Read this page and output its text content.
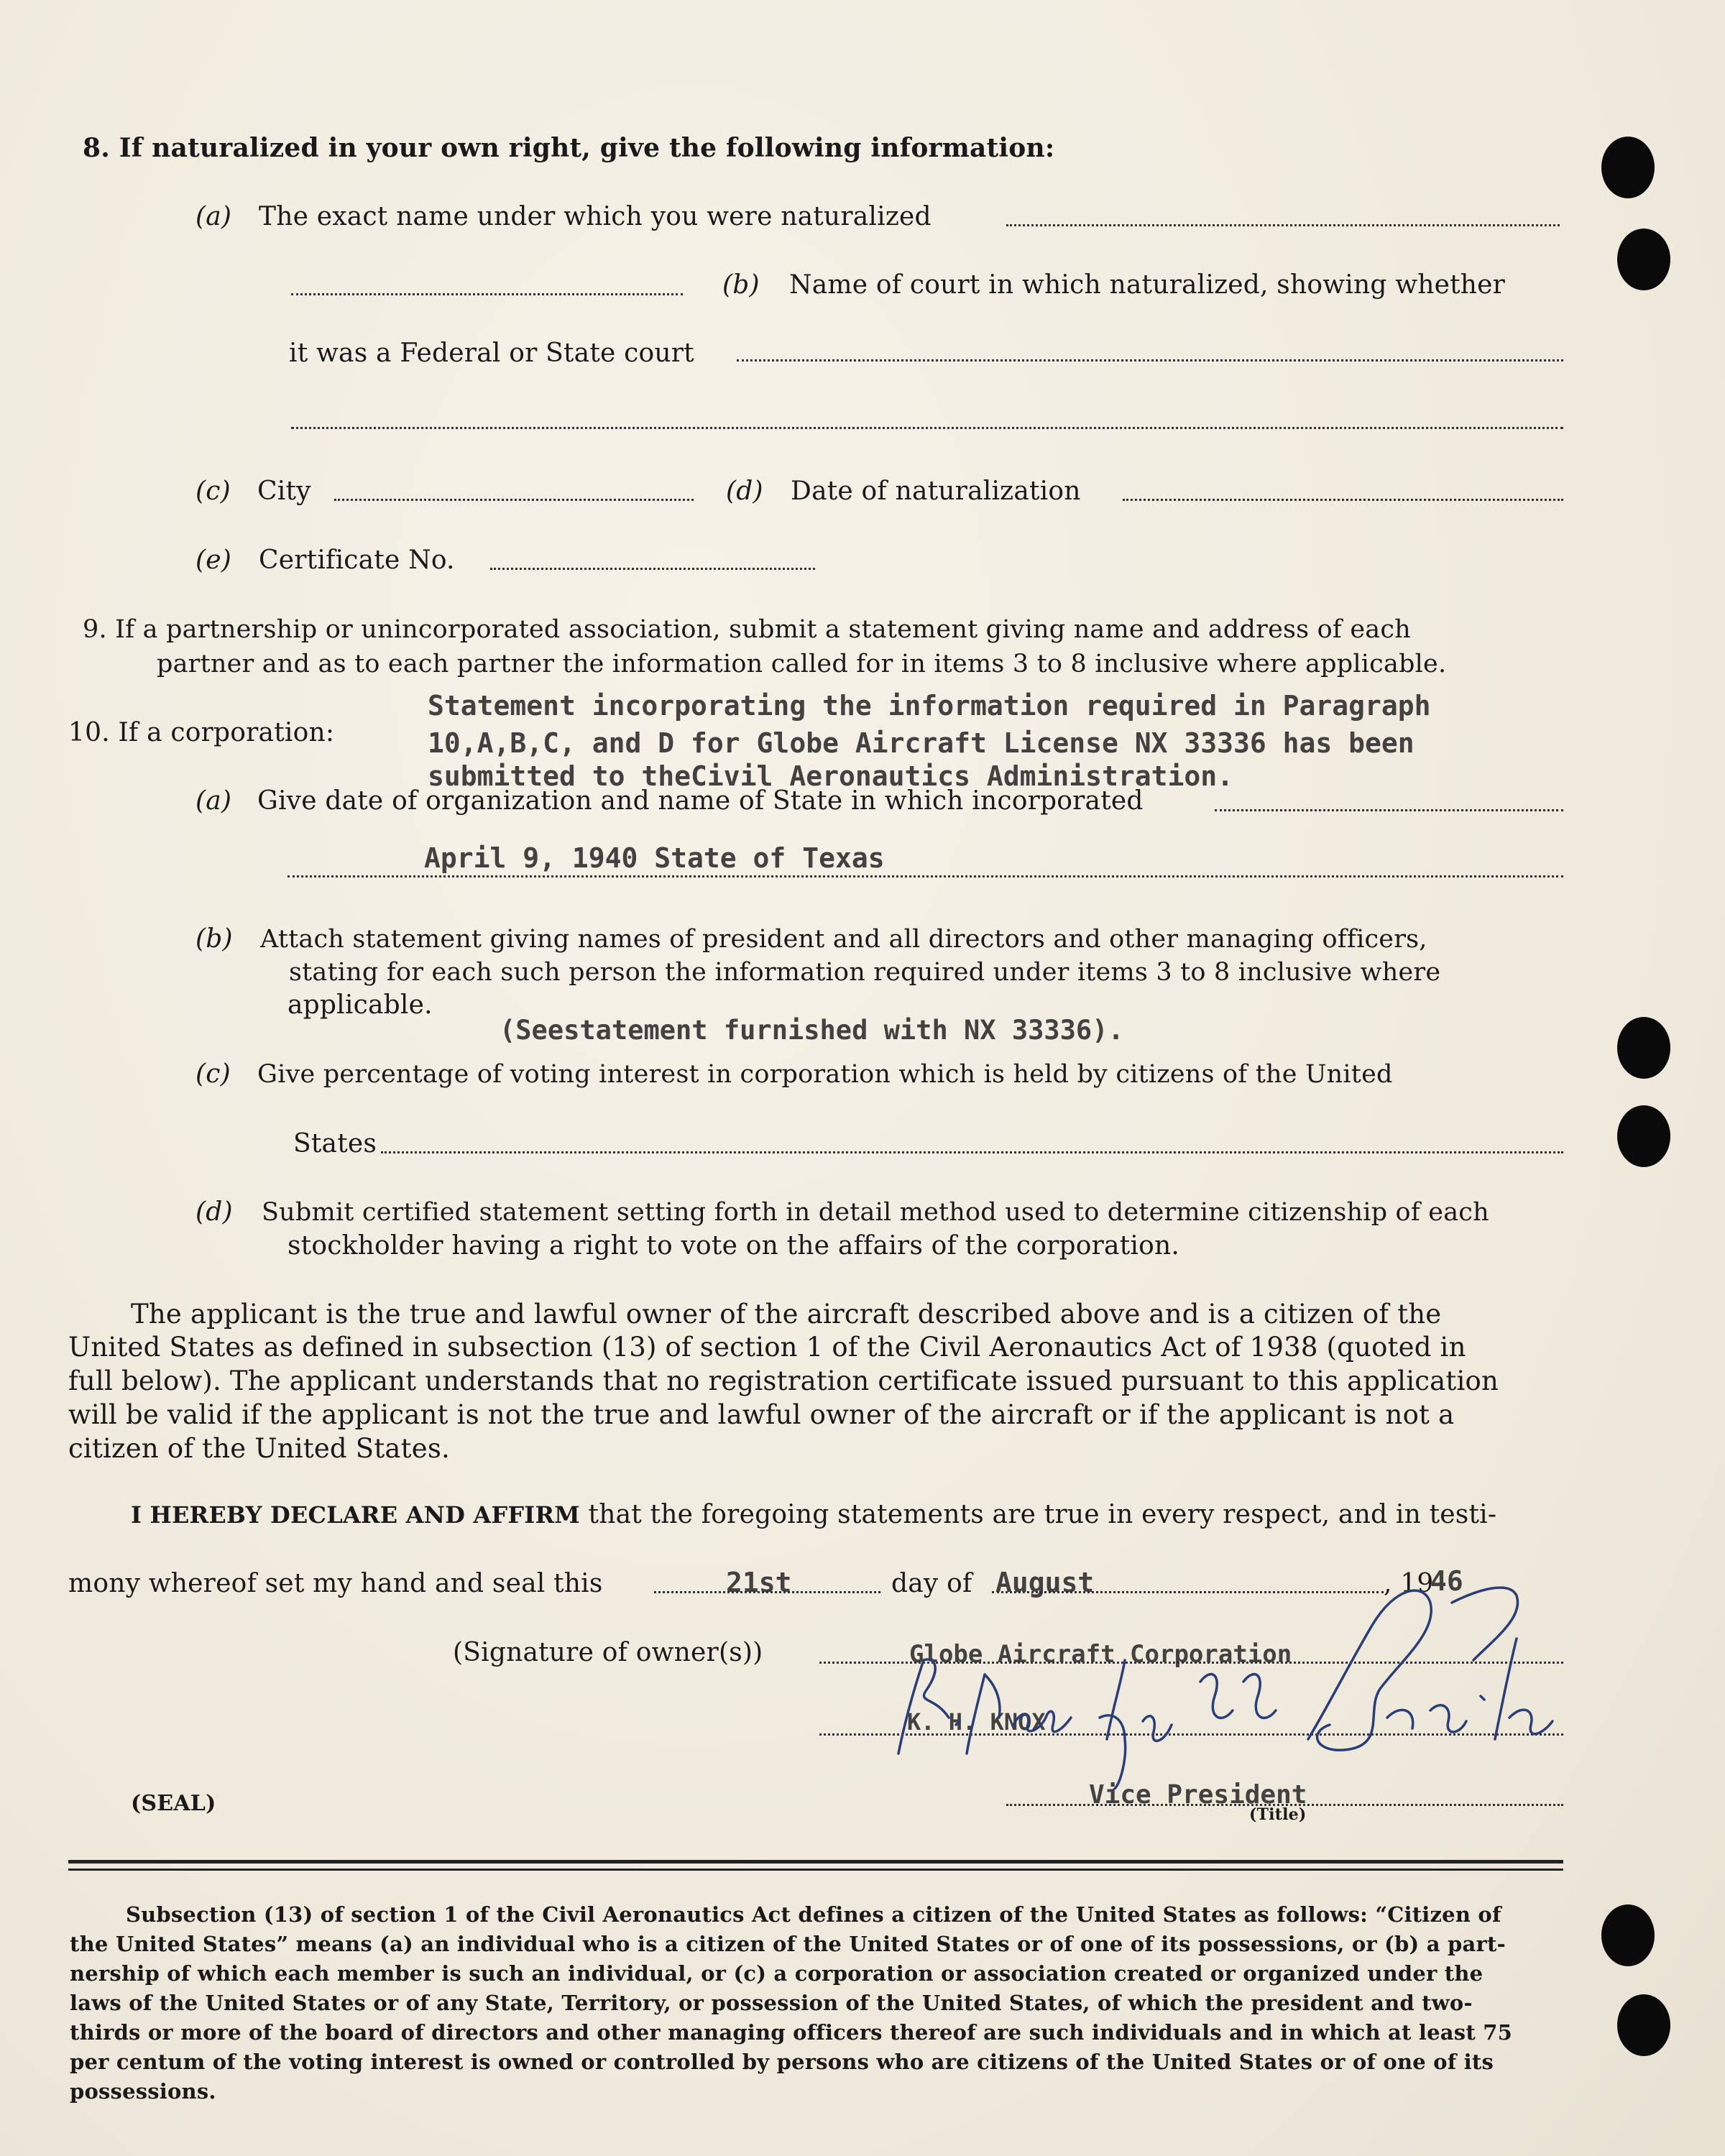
8. If naturalized in your own right, give the following information:
(a) The exact name under which you were naturalized
(b) Name of court in which naturalized, showing whether
it was a Federal or State court
(c) City	(d) Date of naturalization
(e) Certificate No.
9. If a partnership or unincorporated association, submit a statement giving name and address of each
partner and as to each partner the information called for in items 3 to 8 inclusive where applicable.
10. If a corporation:
Statement incorporating the information required in Paragraph
10,A,B,C, and D for Globe Aircraft License NX 33336 has been
submitted to theCivil Aeronautics Administration.
(a) Give date of organization and name of State in which incorporated
April 9, 1940 State of Texas
(b) Attach statement giving names of president and all directors and other managing officers,
stating for each such person the information required under items 3 to 8 inclusive where
applicable.
(Seestatement furnished with NX 33336).
(c) Give percentage of voting interest in corporation which is held by citizens of the United
States
(d) Submit certified statement setting forth in detail method used to determine citizenship of each
stockholder having a right to vote on the affairs of the corporation.
The applicant is the true and lawful owner of the aircraft described above and is a citizen of the
United States as defined in subsection (13) of section 1 of the Civil Aeronautics Act of 1938 (quoted in
full below). The applicant understands that no registration certificate issued pursuant to this application
will be valid if the applicant is not the true and lawful owner of the aircraft or if the applicant is not a
citizen of the United States.
I HEREBY DECLARE AND AFFIRM that the foregoing statements are true in every respect, and in testi-
mony whereof set my hand and seal this	21st	day of August	, 19
46
(Signature of owner(s))	Globe Aircraft Corporation
K. H. KNOX
(SEAL)	Vice President
(Title)
Subsection (13) of section 1 of the Civil Aeronautics Act defines a citizen of the United States as follows: “Citizen of
the United States” means (a) an individual who is a citizen of the United States or of one of its possessions, or (b) a part-
nership of which each member is such an individual, or (c) a corporation or association created or organized under the
laws of the United States or of any State, Territory, or possession of the United States, of which the president and two-
thirds or more of the board of directors and other managing officers thereof are such individuals and in which at least 75
per centum of the voting interest is owned or controlled by persons who are citizens of the United States or of one of its
possessions.
